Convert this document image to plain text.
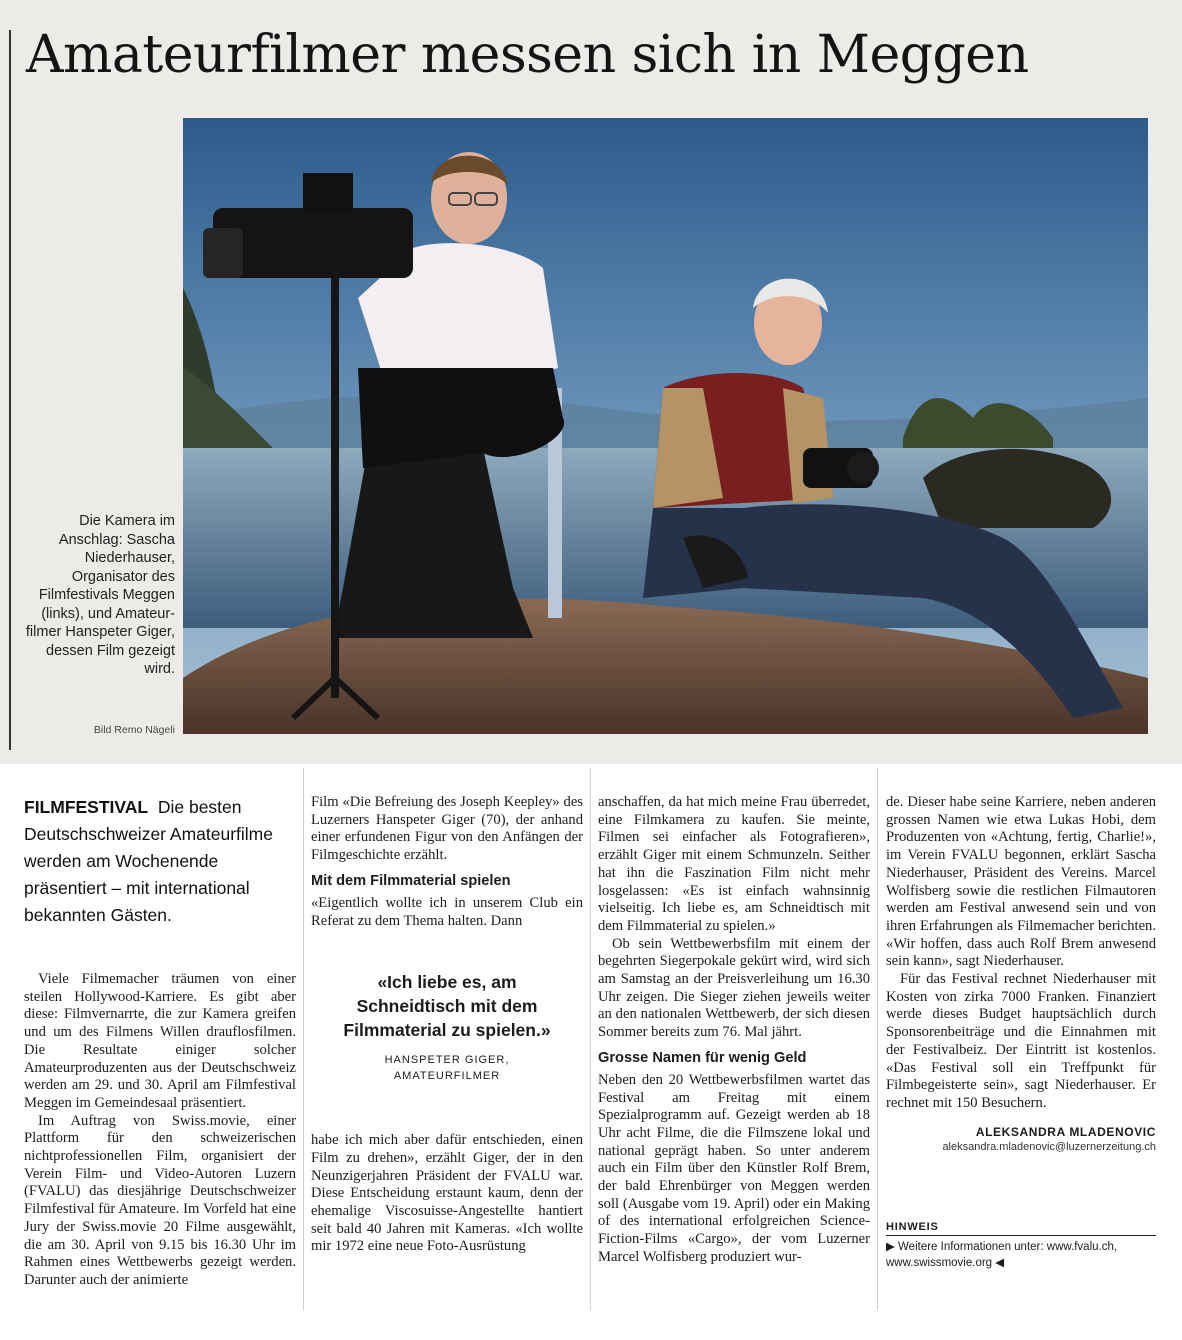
Amateurfilmer messen sich in Meggen
Die Kamera im Anschlag: Sascha Niederhauser, Organisator des Filmfestivals Meggen (links), und Amateurfilmer Hanspeter Giger, dessen Film gezeigt wird.
Bild Remo Nägeli

FILMFESTIVAL Die besten Deutschschweizer Amateurfilme werden am Wochenende präsentiert – mit international bekannten Gästen.

Viele Filmemacher träumen von einer steilen Hollywood-Karriere. Es gibt aber diese: Filmvernarrte, die zur Kamera greifen und um des Filmens Willen drauflosfilmen. Die Resultate einiger solcher Amateurproduzenten aus der Deutschschweiz werden am 29. und 30. April am Filmfestival Meggen im Gemeindesaal präsentiert.

Im Auftrag von Swiss.movie, einer Plattform für den schweizerischen nichtprofessionellen Film, organisiert der Verein Film- und Video-Autoren Luzern (FVALU) das diesjährige Deutschschweizer Filmfestival für Amateure. Im Vorfeld hat eine Jury der Swiss.movie 20 Filme ausgewählt, die am 30. April von 9.15 bis 16.30 Uhr im Rahmen eines Wettbewerbs gezeigt werden. Darunter auch der animierte

Film «Die Befreiung des Joseph Keepley» des Luzerners Hanspeter Giger (70), der anhand einer erfundenen Figur von den Anfängen der Filmgeschichte erzählt.

Mit dem Filmmaterial spielen

«Eigentlich wollte ich in unserem Club ein Referat zu dem Thema halten. Dann

«Ich liebe es, am Schneidtisch mit dem Filmmaterial zu spielen.»

HANSPETER GIGER,
AMATEURFILMER

habe ich mich aber dafür entschieden, einen Film zu drehen», erzählt Giger, der in den Neunzigerjahren Präsident der FVALU war. Diese Entscheidung erstaunt kaum, denn der ehemalige Viscosuisse-Angestellte hantiert seit bald 40 Jahren mit Kameras. «Ich wollte mir 1972 eine neue Foto-Ausrüstung

anschaffen, da hat mich meine Frau überredet, eine Filmkamera zu kaufen. Sie meinte, Filmen sei einfacher als Fotografieren», erzählt Giger mit einem Schmunzeln. Seither hat ihn die Faszination Film nicht mehr losgelassen: «Es ist einfach wahnsinnig vielseitig. Ich liebe es, am Schneidtisch mit dem Filmmaterial zu spielen.»

Ob sein Wettbewerbsfilm mit einem der begehrten Siegerpokale gekürt wird, wird sich am Samstag an der Preisverleihung um 16.30 Uhr zeigen. Die Sieger ziehen jeweils weiter an den nationalen Wettbewerb, der sich diesen Sommer bereits zum 76. Mal jährt.

Grosse Namen für wenig Geld

Neben den 20 Wettbewerbsfilmen wartet das Festival am Freitag mit einem Spezialprogramm auf. Gezeigt werden ab 18 Uhr acht Filme, die die Filmszene lokal und national geprägt haben. So unter anderem auch ein Film über den Künstler Rolf Brem, der bald Ehrenbürger von Meggen werden soll (Ausgabe vom 19. April) oder ein Making of des international erfolgreichen Science-Fiction-Films «Cargo», der vom Luzerner Marcel Wolfisberg produziert wur-

de. Dieser habe seine Karriere, neben anderen grossen Namen wie etwa Lukas Hobi, dem Produzenten von «Achtung, fertig, Charlie!», im Verein FVALU begonnen, erklärt Sascha Niederhauser, Präsident des Vereins. Marcel Wolfisberg sowie die restlichen Filmautoren werden am Festival anwesend sein und von ihren Erfahrungen als Filmemacher berichten. «Wir hoffen, dass auch Rolf Brem anwesend sein kann», sagt Niederhauser.

Für das Festival rechnet Niederhauser mit Kosten von zirka 7000 Franken. Finanziert werde dieses Budget hauptsächlich durch Sponsorenbeiträge und die Einnahmen mit der Festivalbeiz. Der Eintritt ist kostenlos. «Das Festival soll ein Treffpunkt für Filmbegeisterte sein», sagt Niederhauser. Er rechnet mit 150 Besuchern.

ALEKSANDRA MLADENOVIC

aleksandra.mladenovic@luzernerzeitung.ch

HINWEIS

▶ Weitere Informationen unter: www.fvalu.ch, www.swissmovie.org ◀
